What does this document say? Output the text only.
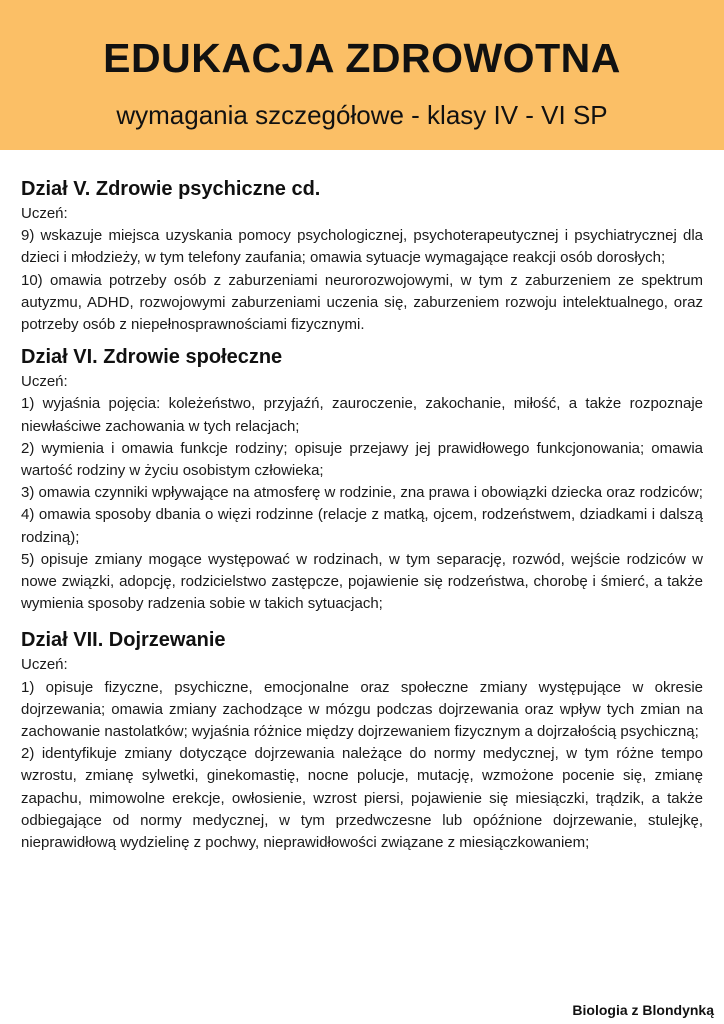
EDUKACJA ZDROWOTNA
wymagania szczegółowe - klasy IV - VI SP
Dział V. Zdrowie psychiczne cd.
Uczeń:
9) wskazuje miejsca uzyskania pomocy psychologicznej, psychoterapeutycznej i psychiatrycznej dla dzieci i młodzieży, w tym telefony zaufania; omawia sytuacje wymagające reakcji osób dorosłych;
10) omawia potrzeby osób z zaburzeniami neurorozwojowymi, w tym z zaburzeniem ze spektrum autyzmu, ADHD, rozwojowymi zaburzeniami uczenia się, zaburzeniem rozwoju intelektualnego, oraz potrzeby osób z niepełnosprawnościami fizycznymi.
Dział VI. Zdrowie społeczne
Uczeń:
1) wyjaśnia pojęcia: koleżeństwo, przyjaźń, zauroczenie, zakochanie, miłość, a także rozpoznaje niewłaściwe zachowania w tych relacjach;
2) wymienia i omawia funkcje rodziny; opisuje przejawy jej prawidłowego funkcjonowania; omawia wartość rodziny w życiu osobistym człowieka;
3) omawia czynniki wpływające na atmosferę w rodzinie, zna prawa i obowiązki dziecka oraz rodziców;
4) omawia sposoby dbania o więzi rodzinne (relacje z matką, ojcem, rodzeństwem, dziadkami i dalszą rodziną);
5) opisuje zmiany mogące występować w rodzinach, w tym separację, rozwód, wejście rodziców w nowe związki, adopcję, rodzicielstwo zastępcze, pojawienie się rodzeństwa, chorobę i śmierć, a także wymienia sposoby radzenia sobie w takich sytuacjach;
Dział VII. Dojrzewanie
Uczeń:
1) opisuje fizyczne, psychiczne, emocjonalne oraz społeczne zmiany występujące w okresie dojrzewania; omawia zmiany zachodzące w mózgu podczas dojrzewania oraz wpływ tych zmian na zachowanie nastolatków; wyjaśnia różnice między dojrzewaniem fizycznym a dojrzałością psychiczną;
2) identyfikuje zmiany dotyczące dojrzewania należące do normy medycznej, w tym różne tempo wzrostu, zmianę sylwetki, ginekomastię, nocne polucje, mutację, wzmożone pocenie się, zmianę zapachu, mimowolne erekcje, owłosienie, wzrost piersi, pojawienie się miesiączki, trądzik, a także odbiegające od normy medycznej, w tym przedwczesne lub opóźnione dojrzewanie, stulejkę, nieprawidłową wydzielinę z pochwy, nieprawidłowości związane z miesiączkowaniem;
Biologia z Blondynką
